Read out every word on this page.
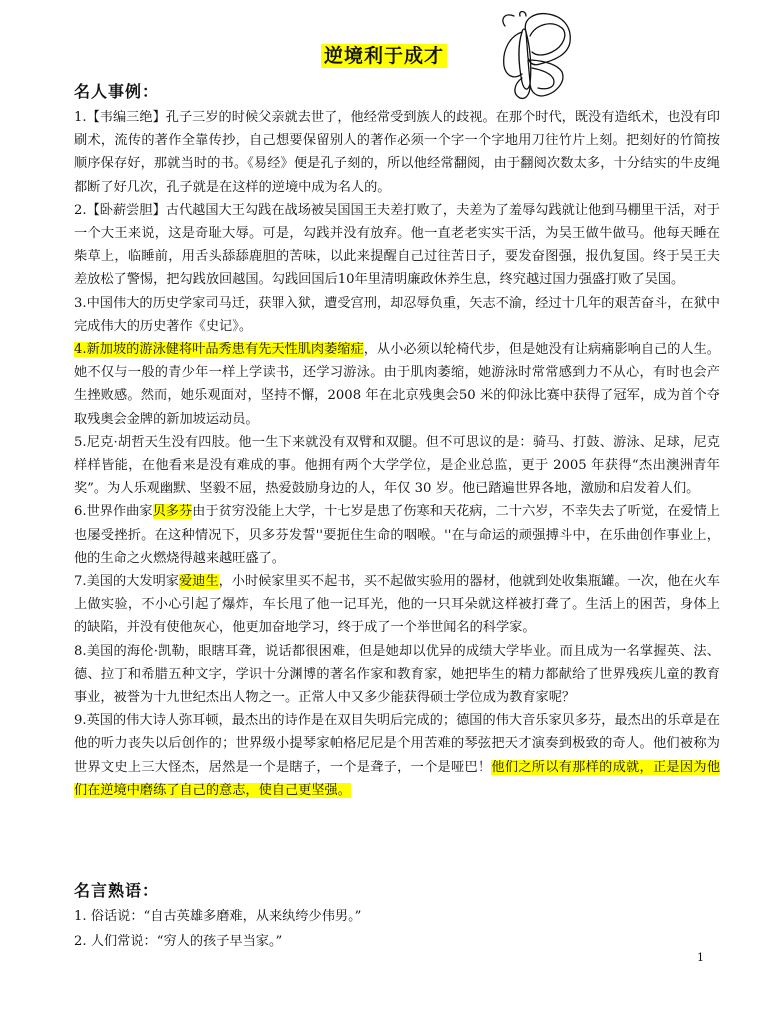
逆境利于成才
名人事例：

1.【韦编三绝】孔子三岁的时候父亲就去世了，他经常受到族人的歧视。在那个时代，既没有造纸术，也没有印刷术，流传的著作全靠传抄，自己想要保留别人的著作必须一个字一个字地用刀往竹片上刻。把刻好的竹简按顺序保存好，那就当时的书。《易经》便是孔子刻的，所以他经常翻阅，由于翻阅次数太多，十分结实的牛皮绳都断了好几次，孔子就是在这样的逆境中成为名人的。

2.【卧薪尝胆】古代越国大王勾践在战场被吴国国王夫差打败了，夫差为了羞辱勾践就让他到马棚里干活，对于一个大王来说，这是奇耻大辱。可是，勾践并没有放弃。他一直老老实实干活，为吴王做牛做马。他每天睡在柴草上，临睡前，用舌头舔舔鹿胆的苦味，以此来提醒自己过往苦日子，要发奋图强，报仇复国。终于吴王夫差放松了警惕，把勾践放回越国。勾践回国后10年里清明廉政休养生息，终究越过国力强盛打败了吴国。

3.中国伟大的历史学家司马迁，获罪入狱，遭受宫刑，却忍辱负重，矢志不渝，经过十几年的艰苦奋斗，在狱中完成伟大的历史著作《史记》。

4.新加坡的游泳健将叶品秀患有先天性肌肉萎缩症，从小必须以轮椅代步，但是她没有让病痛影响自己的人生。她不仅与一般的青少年一样上学读书，还学习游泳。由于肌肉萎缩，她游泳时常常感到力不从心，有时也会产生挫败感。然而，她乐观面对，坚持不懈，2008 年在北京残奥会50 米的仰泳比赛中获得了冠军，成为首个夺取残奥会金牌的新加坡运动员。

5.尼克·胡哲天生没有四肢。他一生下来就没有双臂和双腿。但不可思议的是：骑马、打鼓、游泳、足球，尼克样样皆能，在他看来是没有难成的事。他拥有两个大学学位，是企业总监，更于 2005 年获得“杰出澳洲青年奖”。为人乐观幽默、坚毅不屈，热爱鼓励身边的人，年仅 30 岁。他已踏遍世界各地，激励和启发着人们。

6.世界作曲家贝多芬由于贫穷没能上大学，十七岁是患了伤寒和天花病，二十六岁，不幸失去了听觉，在爱情上也屡受挫折。在这种情况下，贝多芬发誓''要扼住生命的咽喉。''在与命运的顽强搏斗中，在乐曲创作事业上，他的生命之火燃烧得越来越旺盛了。

7.美国的大发明家爱迪生，小时候家里买不起书，买不起做实验用的器材，他就到处收集瓶罐。一次，他在火车上做实验，不小心引起了爆炸，车长甩了他一记耳光，他的一只耳朵就这样被打聋了。生活上的困苦，身体上的缺陷，并没有使他灰心，他更加奋地学习，终于成了一个举世闻名的科学家。

8.美国的海伦·凯勒，眼瞎耳聋，说话都很困难，但是她却以优异的成绩大学毕业。而且成为一名掌握英、法、德、拉丁和希腊五种文字，学识十分渊博的著名作家和教育家，她把毕生的精力都献给了世界残疾儿童的教育事业，被誉为十九世纪杰出人物之一。正常人中又多少能获得硕士学位成为教育家呢？

9.英国的伟大诗人弥耳顿，最杰出的诗作是在双目失明后完成的；德国的伟大音乐家贝多芬，最杰出的乐章是在他的听力丧失以后创作的；世界级小提琴家帕格尼尼是个用苦难的琴弦把天才演奏到极致的奇人。他们被称为世界文史上三大怪杰，居然是一个是瞎子，一个是聋子，一个是哑巴！他们之所以有那样的成就，正是因为他们在逆境中磨练了自己的意志，使自己更坚强。

名言熟语：
1. 俗话说：“自古英雄多磨难，从来纨绔少伟男。”
2. 人们常说：“穷人的孩子早当家。”
1
